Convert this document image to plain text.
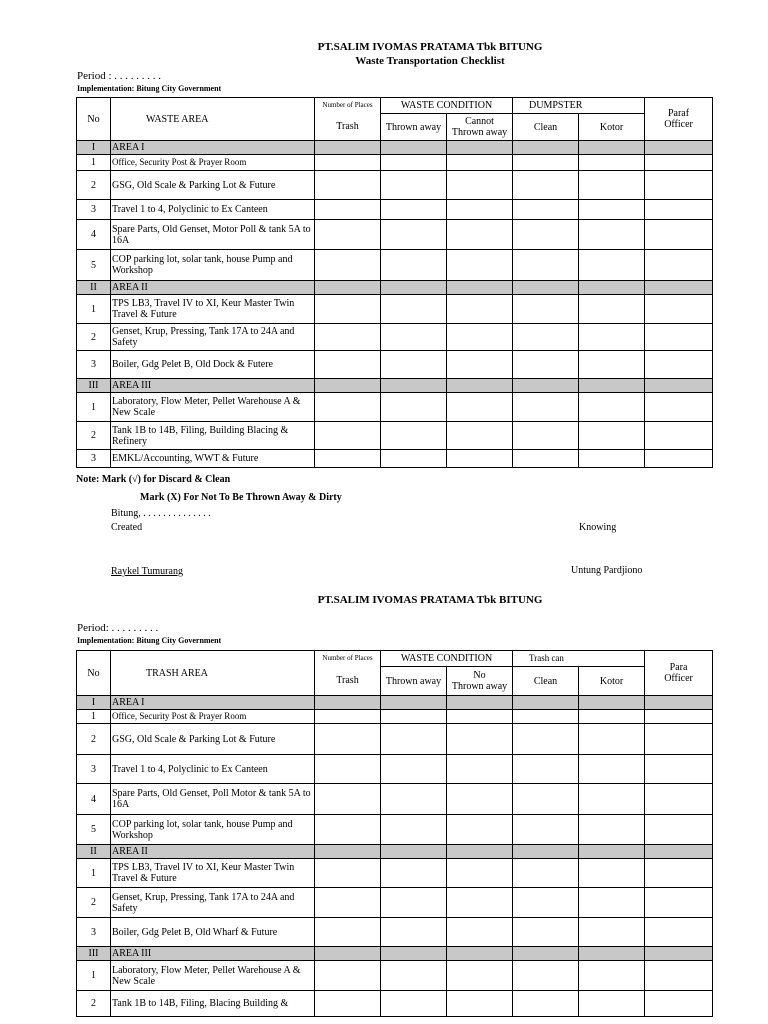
PT.SALIM IVOMAS PRATAMA Tbk BITUNG
Waste Transportation Checklist
Period : . . . . . . . . .
Implementation: Bitung City Government
No	WASTE AREA	Number of Places	WASTE CONDITION		DUMPSTER		Paraf
Officer
		Trash	Thrown away	Cannot
Thrown away	Clean	Kotor	
I	AREA I						
1	Office, Security Post & Prayer Room						
2	GSG, Old Scale & Parking Lot & Future						
3	Travel 1 to 4, Polyclinic to Ex Canteen						
4	Spare Parts, Old Genset, Motor Poll & tank 5A to 16A						
5	COP parking lot, solar tank, house Pump and Workshop						
II	AREA II						
1	TPS LB3, Travel IV to XI, Keur Master Twin Travel & Future						
2	Genset, Krup, Pressing, Tank 17A to 24A and Safety						
3	Boiler, Gdg Pelet B, Old Dock & Futere						
III	AREA III						
1	Laboratory, Flow Meter, Pellet Warehouse A & New Scale						
2	Tank 1B to 14B, Filing, Building Blacing & Refinery						
3	EMKL/Accounting, WWT & Future						
Note: Mark (√) for Discard & Clean
Mark (X) For Not To Be Thrown Away & Dirty
Bitung, . . . . . . . . . . . . . .
Created	Knowing
Raykel Tumurang	Untung Pardjiono
PT.SALIM IVOMAS PRATAMA Tbk BITUNG
Period: . . . . . . . . .
Implementation: Bitung City Government
No	TRASH AREA	Number of Places	WASTE CONDITION		Trash can		Para
Officer
		Trash	Thrown away	No
Thrown away	Clean	Kotor	
I	AREA I						
1	Office, Security Post & Prayer Room						
2	GSG, Old Scale & Parking Lot & Future						
3	Travel 1 to 4, Polyclinic to Ex Canteen						
4	Spare Parts, Old Genset, Poll Motor & tank 5A to 16A						
5	COP parking lot, solar tank, house Pump and Workshop						
II	AREA II						
1	TPS LB3, Travel IV to XI, Keur Master Twin Travel & Future						
2	Genset, Krup, Pressing, Tank 17A to 24A and Safety						
3	Boiler, Gdg Pelet B, Old Wharf & Future						
III	AREA III						
1	Laboratory, Flow Meter, Pellet Warehouse A & New Scale						
2	Tank 1B to 14B, Filing, Blacing Building &						
